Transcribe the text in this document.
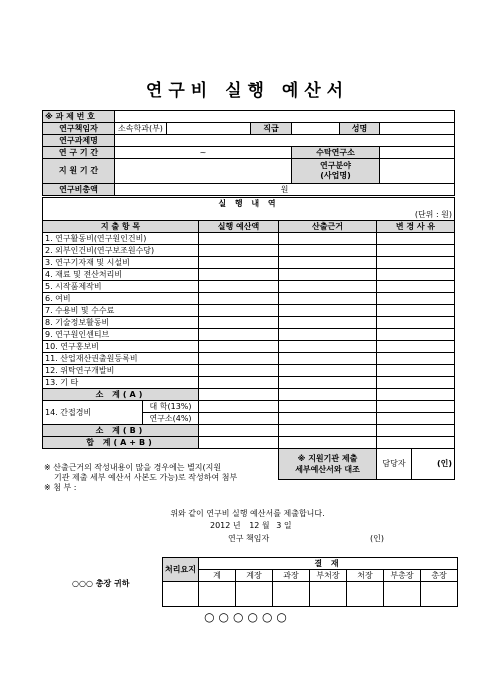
연구비 실행 예산서
※ 과 제 번 호						
연구책임자	소속학과(부)		직급		성명	
연구과제명						
연 구 기 간	~			수탁연구소		
지 원 기 간				연구분야
(사업명)		
연구비총액	원					
실 행 내 역				
(단위 : 원)				
지 출 항 목		실행 예산액	산출근거	변 경 사 유
1. 연구활동비(연구원인건비)				
2. 외부인건비(연구보조원수당)				
3. 연구기자재 및 시설비				
4. 재료 및 전산처리비				
5. 시작품제작비				
6. 여비				
7. 수용비 및 수수료				
8. 기술정보활동비				
9. 연구원인센티브				
10. 연구홍보비				
11. 산업재산권출원등록비				
12. 위탁연구개발비				
13. 기 타				
소 계(A)				
14. 간접경비	대 학(13%)			
	연구소(4%)			
소 계(B)				
합 계(A+B)				

			※ 지원기관 제출
세부예산서와 대조	담당자 (인)
※ 산출근거의 작성내용이 많을 경우에는 별지(지원
기관 제출 세부 예산서 사본도 가능)로 작성하여 첨부
※ 첨 부 :
위와 같이 연구비 실행 예산서를 제출합니다.
2012 년 12 월 3 일
연구 책임자	(인)
○○○ 총장 귀하
처리요지	결 재						
	계	계장	과장	부처장	처장	부총장	총장

○○○○○○
